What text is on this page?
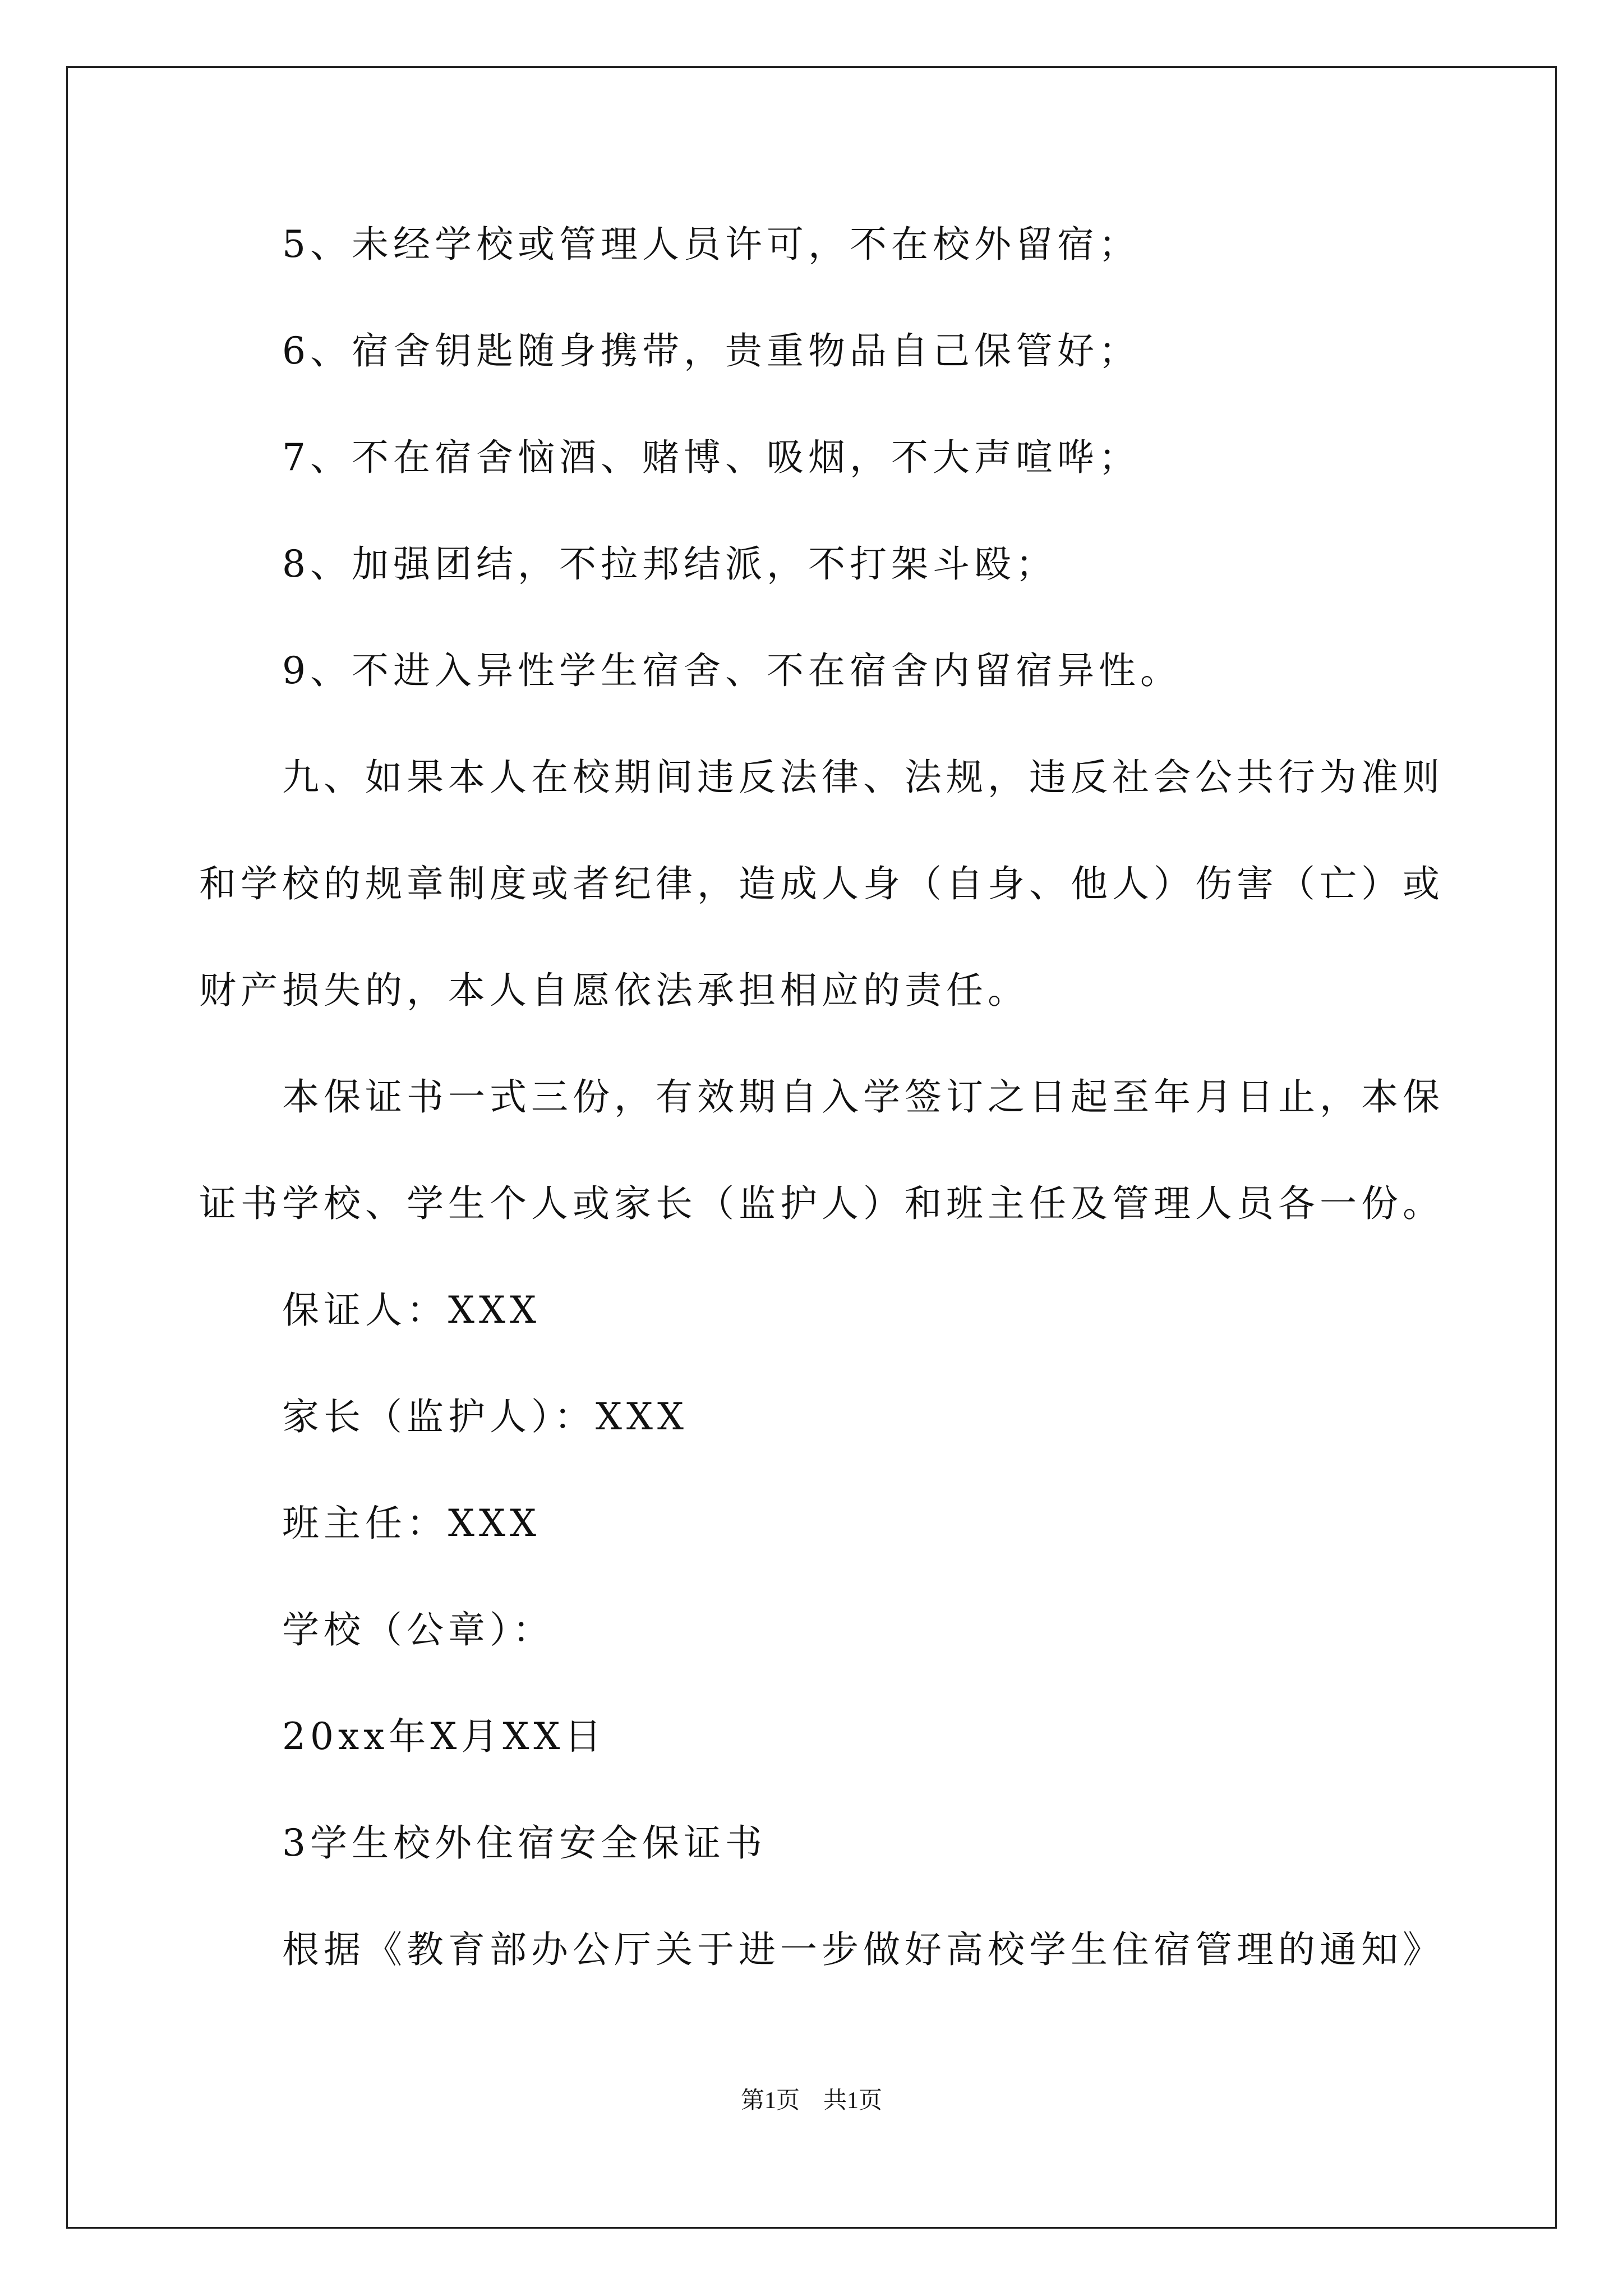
5、未经学校或管理人员许可，不在校外留宿；
6、宿舍钥匙随身携带，贵重物品自己保管好；
7、不在宿舍恼酒、赌博、吸烟，不大声喧哗；
8、加强团结，不拉邦结派，不打架斗殴；
9、不进入异性学生宿舍、不在宿舍内留宿异性。
九、如果本人在校期间违反法律、法规，违反社会公共行为准则
和学校的规章制度或者纪律，造成人身（自身、他人）伤害（亡）或
财产损失的，本人自愿依法承担相应的责任。
本保证书一式三份，有效期自入学签订之日起至年月日止，本保
证书学校、学生个人或家长（监护人）和班主任及管理人员各一份。
保证人：XXX
家长（监护人）：XXX
班主任：XXX
学校（公章）：
20xx年X月XX日
3学生校外住宿安全保证书
根据《教育部办公厅关于进一步做好高校学生住宿管理的通知》
第1页　共1页
